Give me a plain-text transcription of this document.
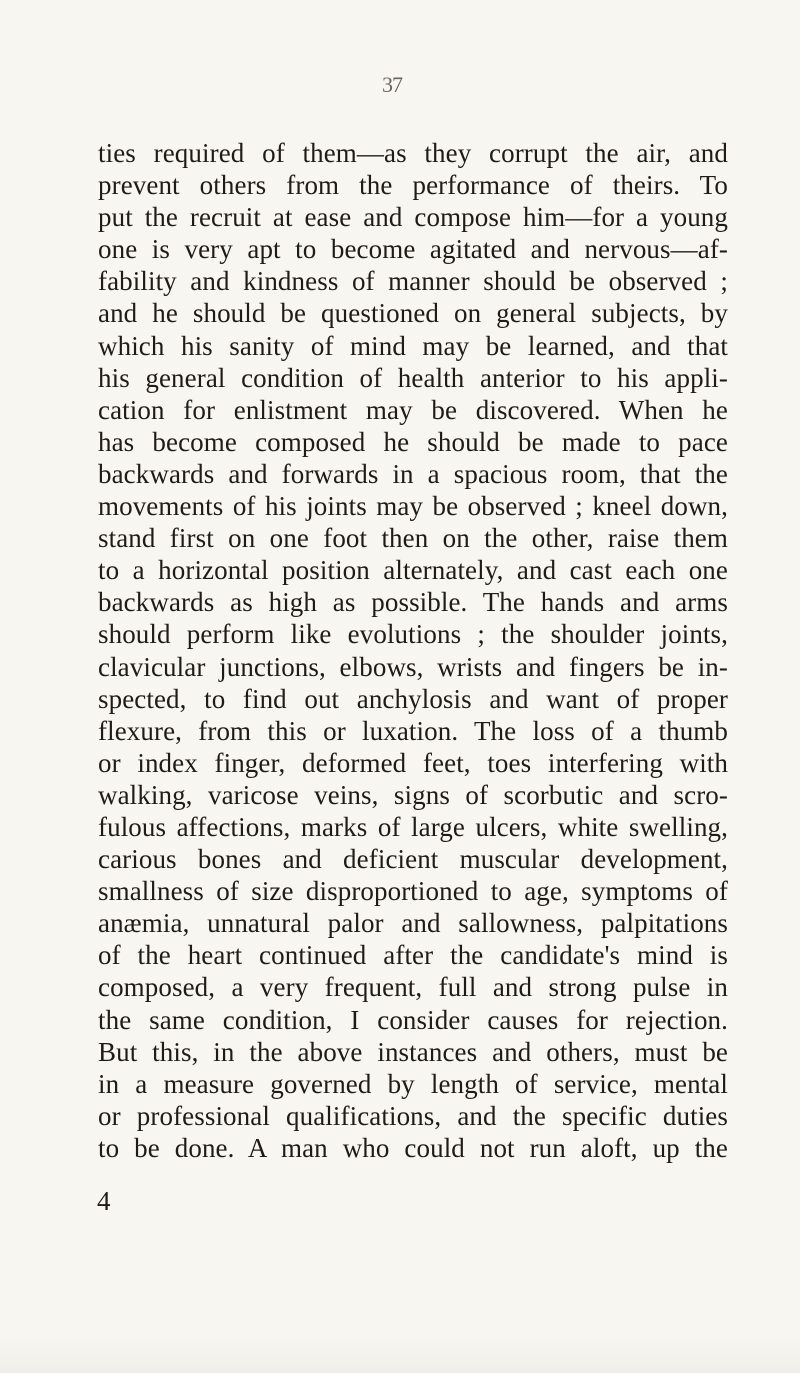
37
ties required of them—as they corrupt the air, and
prevent others from the performance of theirs. To
put the recruit at ease and compose him—for a young
one is very apt to become agitated and nervous—af-
fability and kindness of manner should be observed ;
and he should be questioned on general subjects, by
which his sanity of mind may be learned, and that
his general condition of health anterior to his appli-
cation for enlistment may be discovered. When he
has become composed he should be made to pace
backwards and forwards in a spacious room, that the
movements of his joints may be observed ; kneel down,
stand first on one foot then on the other, raise them
to a horizontal position alternately, and cast each one
backwards as high as possible. The hands and arms
should perform like evolutions ; the shoulder joints,
clavicular junctions, elbows, wrists and fingers be in-
spected, to find out anchylosis and want of proper
flexure, from this or luxation. The loss of a thumb
or index finger, deformed feet, toes interfering with
walking, varicose veins, signs of scorbutic and scro-
fulous affections, marks of large ulcers, white swelling,
carious bones and deficient muscular development,
smallness of size disproportioned to age, symptoms of
anæmia, unnatural palor and sallowness, palpitations
of the heart continued after the candidate's mind is
composed, a very frequent, full and strong pulse in
the same condition, I consider causes for rejection.
But this, in the above instances and others, must be
in a measure governed by length of service, mental
or professional qualifications, and the specific duties
to be done. A man who could not run aloft, up the
4
